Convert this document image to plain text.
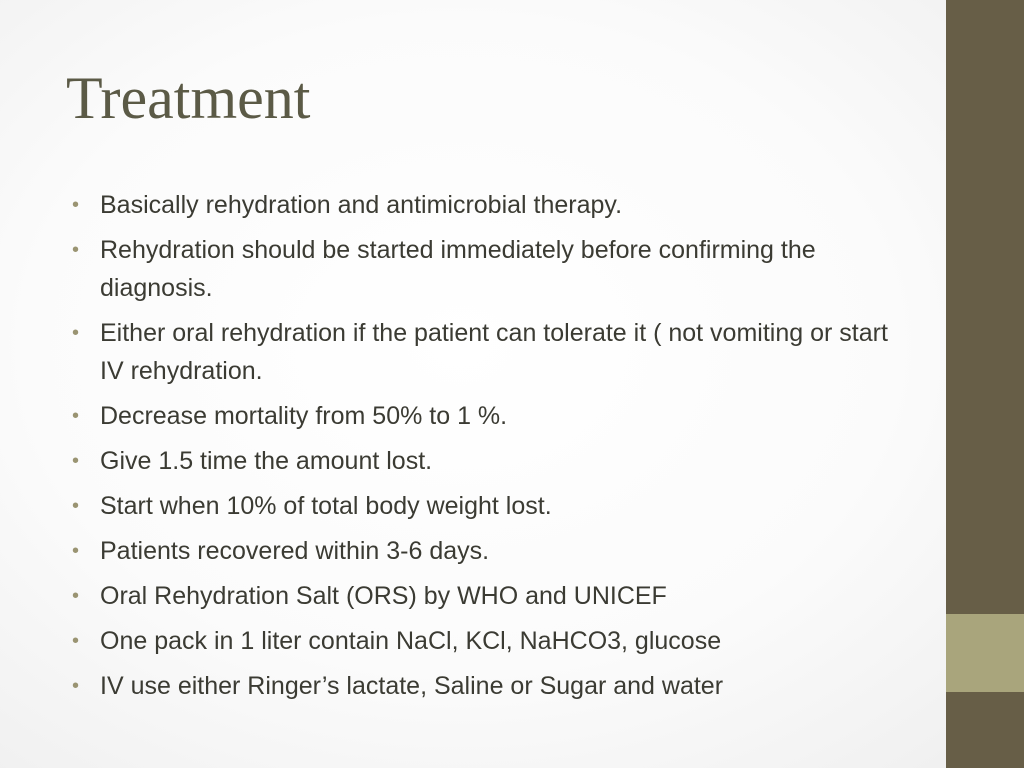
Treatment
• Basically rehydration and antimicrobial therapy.
• Rehydration should be started immediately before confirming the diagnosis.
• Either oral rehydration if the patient can tolerate it ( not vomiting or start IV rehydration.
• Decrease mortality from 50% to 1 %.
• Give 1.5 time the amount lost.
• Start when 10% of total body weight lost.
• Patients recovered within 3-6 days.
• Oral Rehydration Salt (ORS) by WHO and UNICEF
• One pack in 1 liter contain NaCl, KCl, NaHCO3, glucose
• IV use either Ringer’s lactate, Saline or Sugar and water
